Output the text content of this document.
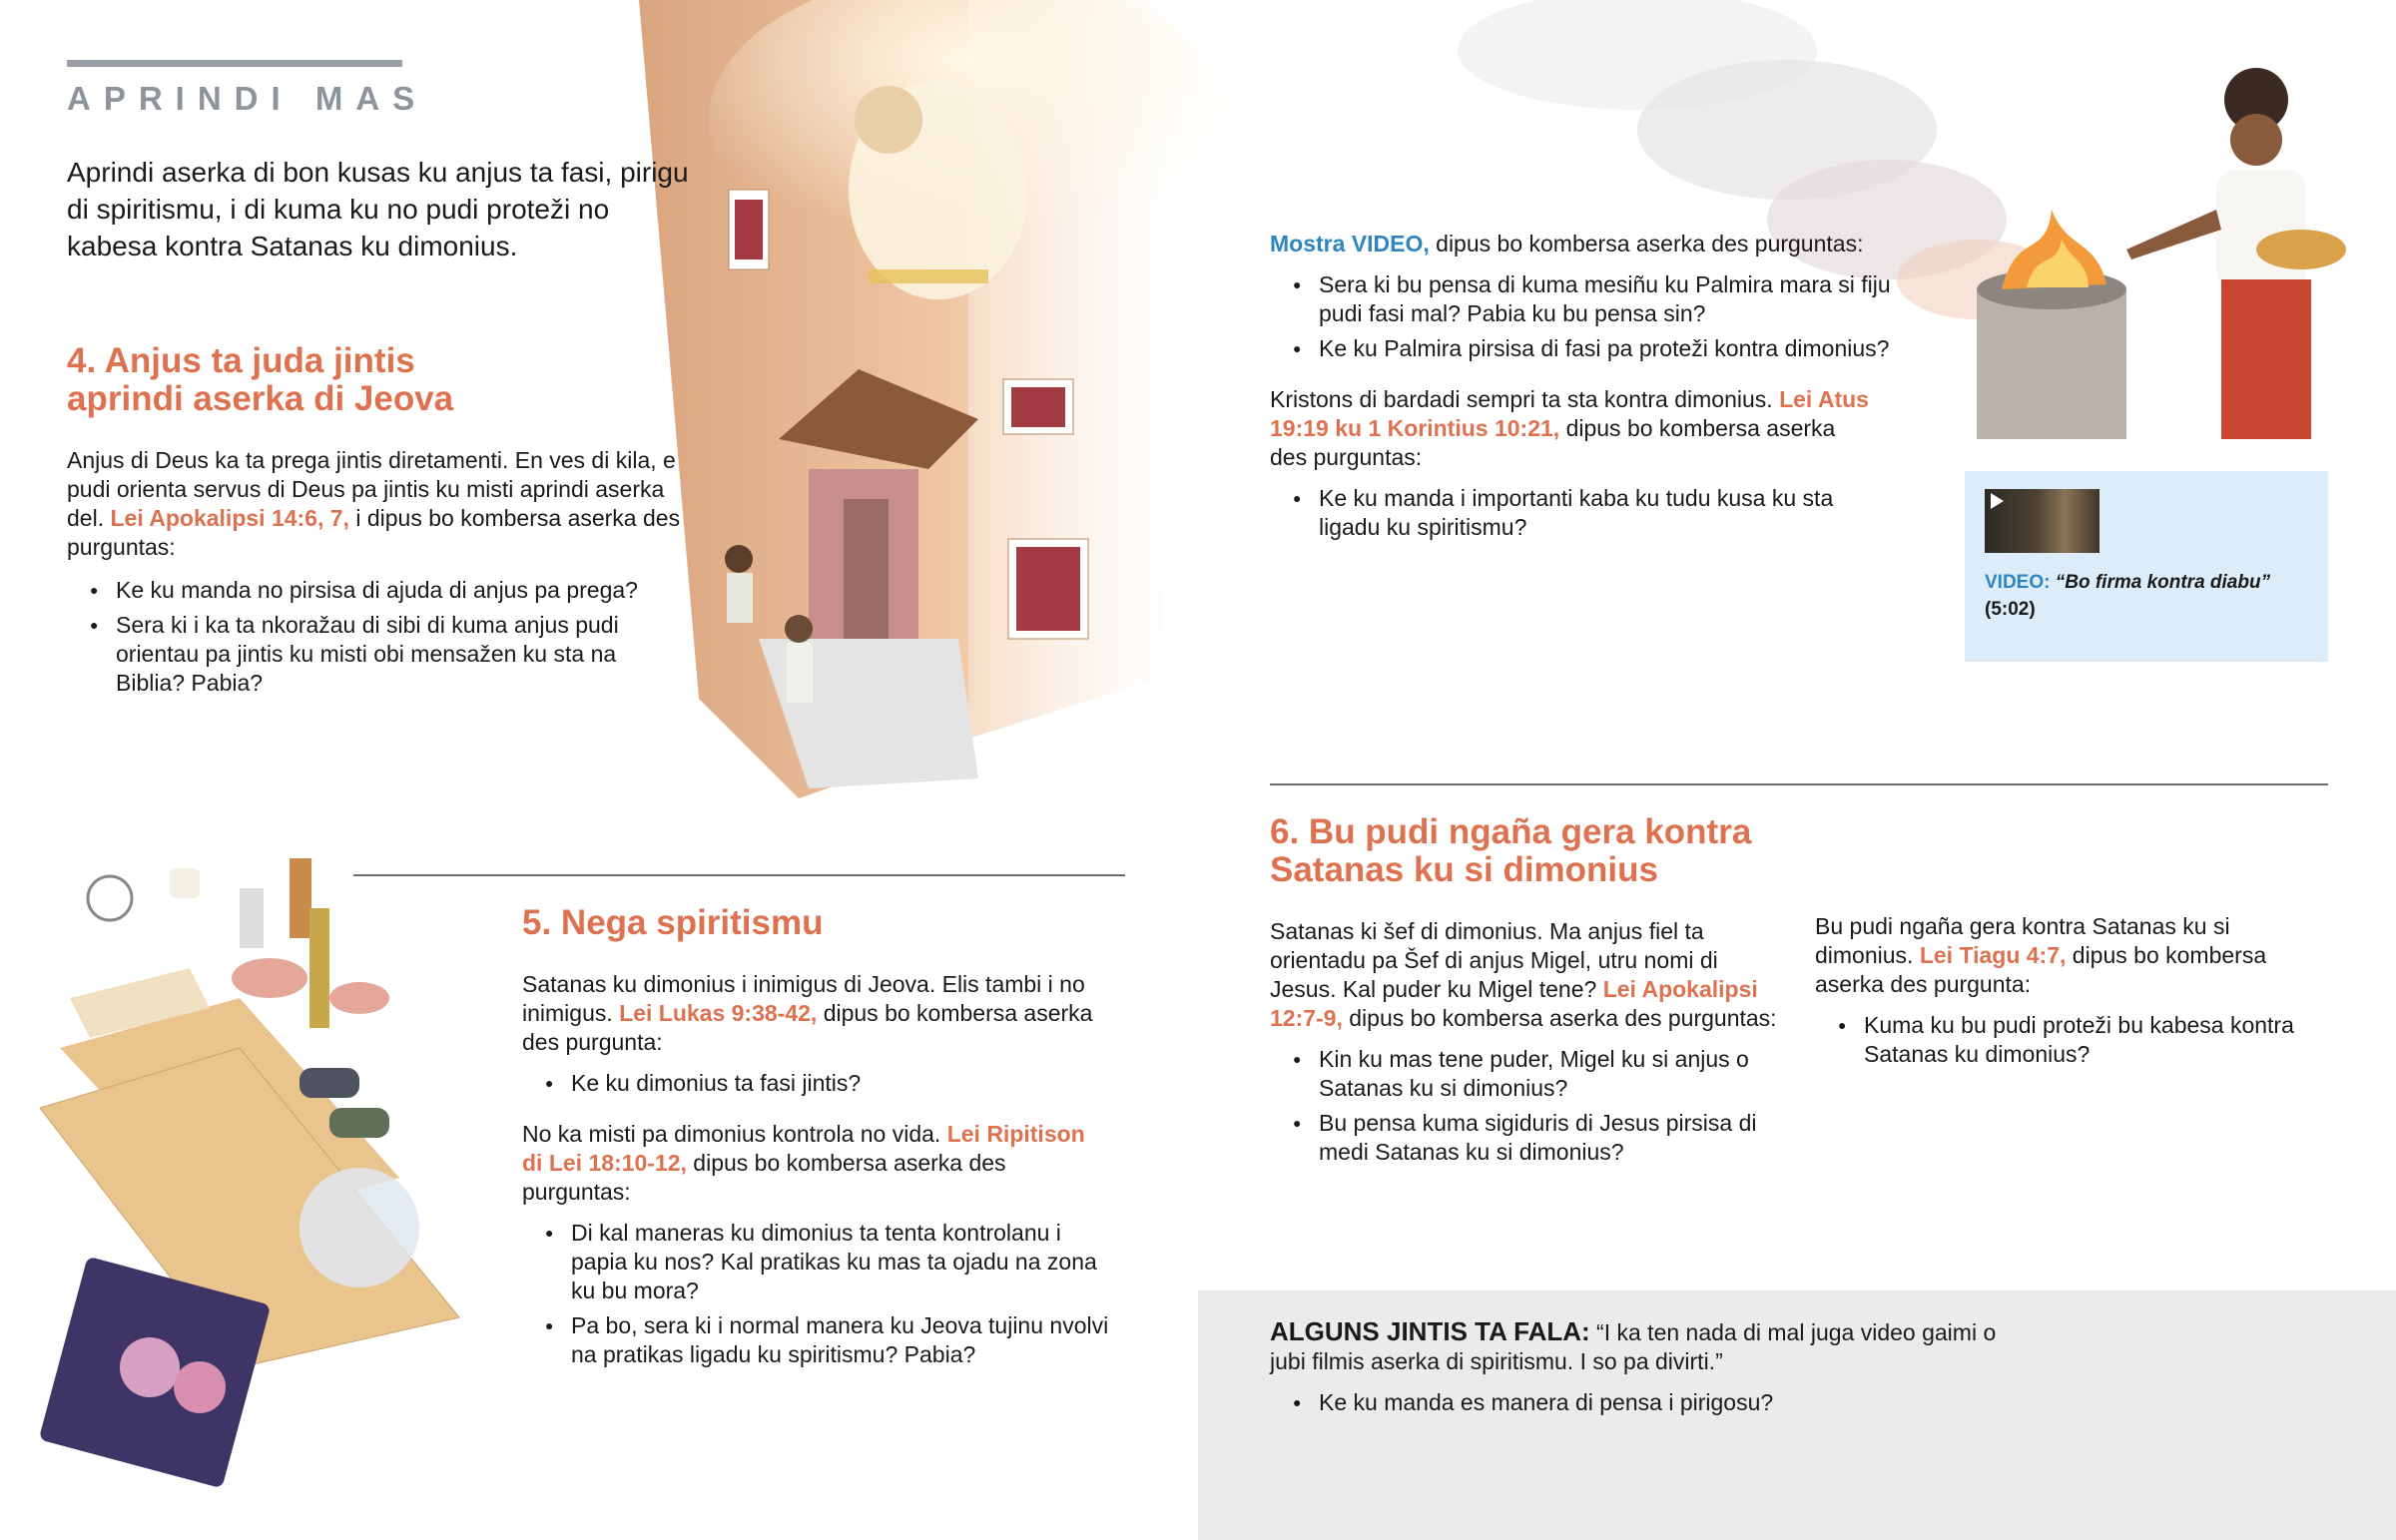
APRINDI MAS

Aprindi aserka di bon kusas ku anjus ta fasi, pirigu di spiritismu, i di kuma ku no pudi proteži no kabesa kontra Satanas ku dimonius.

4. Anjus ta juda jintis
aprindi aserka di Jeova

Anjus di Deus ka ta prega jintis diretamenti. En ves di kila, e pudi orienta servus di Deus pa jintis ku misti aprindi aserka del. Lei Apokalipsi 14:6, 7, i dipus bo kombersa aserka des purguntas:

● Ke ku manda no pirsisa di ajuda di anjus pa prega?
● Sera ki i ka ta nkoražau di sibi di kuma anjus pudi orientau pa jintis ku misti obi mensažen ku sta na Biblia? Pabia?
5. Nega spiritismu

Satanas ku dimonius i inimigus di Jeova. Elis tambi i no inimigus. Lei Lukas 9:38-42, dipus bo kombersa aserka des purgunta:

● Ke ku dimonius ta fasi jintis?

No ka misti pa dimonius kontrola no vida. Lei Ripitison di Lei 18:10-12, dipus bo kombersa aserka des purguntas:

● Di kal maneras ku dimonius ta tenta kontrolanu i papia ku nos? Kal pratikas ku mas ta ojadu na zona ku bu mora?
● Pa bo, sera ki i normal manera ku Jeova tujinu nvolvi na pratikas ligadu ku spiritismu? Pabia?

Mostra VIDEO, dipus bo kombersa aserka des purguntas:

● Sera ki bu pensa di kuma mesiñu ku Palmira mara si fiju pudi fasi mal? Pabia ku bu pensa sin?
● Ke ku Palmira pirsisa di fasi pa proteži kontra dimonius?

Kristons di bardadi sempri ta sta kontra dimonius. Lei Atus 19:19 ku 1 Korintius 10:21, dipus bo kombersa aserka des purguntas:

● Ke ku manda i importanti kaba ku tudu kusa ku sta ligadu ku spiritismu?
VIDEO: “Bo firma kontra diabu”
(5:02)
6. Bu pudi ngaña gera kontra
Satanas ku si dimonius

Satanas ki šef di dimonius. Ma anjus fiel ta orientadu pa Šef di anjus Migel, utru nomi di Jesus. Kal puder ku Migel tene? Lei Apokalipsi 12:7-9, dipus bo kombersa aserka des purguntas:

● Kin ku mas tene puder, Migel ku si anjus o Satanas ku si dimonius?
● Bu pensa kuma sigiduris di Jesus pirsisa di medi Satanas ku si dimonius?

Bu pudi ngaña gera kontra Satanas ku si dimonius. Lei Tiagu 4:7, dipus bo kombersa aserka des purgunta:

● Kuma ku bu pudi proteži bu kabesa kontra Satanas ku dimonius?

ALGUNS JINTIS TA FALA: “I ka ten nada di mal juga video gaimi o jubi filmis aserka di spiritismu. I so pa divirti.”

● Ke ku manda es manera di pensa i pirigosu?
